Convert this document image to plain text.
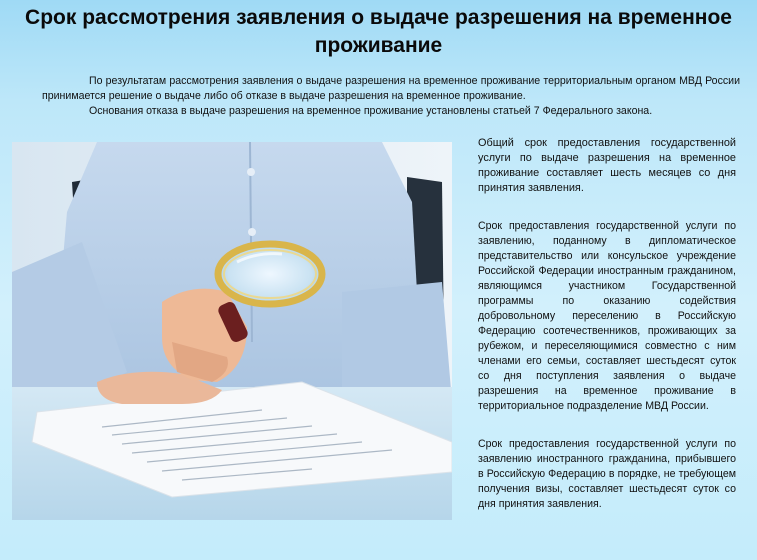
Срок рассмотрения заявления о выдаче разрешения на временное проживание

По результатам рассмотрения заявления о выдаче разрешения на временное проживание территориальным органом МВД России принимается решение о выдаче либо об отказе в выдаче разрешения на временное проживание.

Основания отказа в выдаче разрешения на временное проживание установлены статьей 7 Федерального закона.

Общий срок предоставления государственной услуги по выдаче разрешения на временное проживание составляет шесть месяцев со дня принятия заявления.

Срок предоставления государственной услуги по заявлению, поданному в дипломатическое представительство или консульское учреждение Российской Федерации иностранным гражданином, являющимся участником Государственной программы по оказанию содействия добровольному переселению в Российскую Федерацию соотечественников, проживающих за рубежом, и переселяющимися совместно с ним членами его семьи, составляет шестьдесят суток со дня поступления заявления о выдаче разрешения на временное проживание в территориальное подразделение МВД России.

Срок предоставления государственной услуги по заявлению иностранного гражданина, прибывшего в Российскую Федерацию в порядке, не требующем получения визы, составляет шестьдесят суток со дня принятия заявления.
